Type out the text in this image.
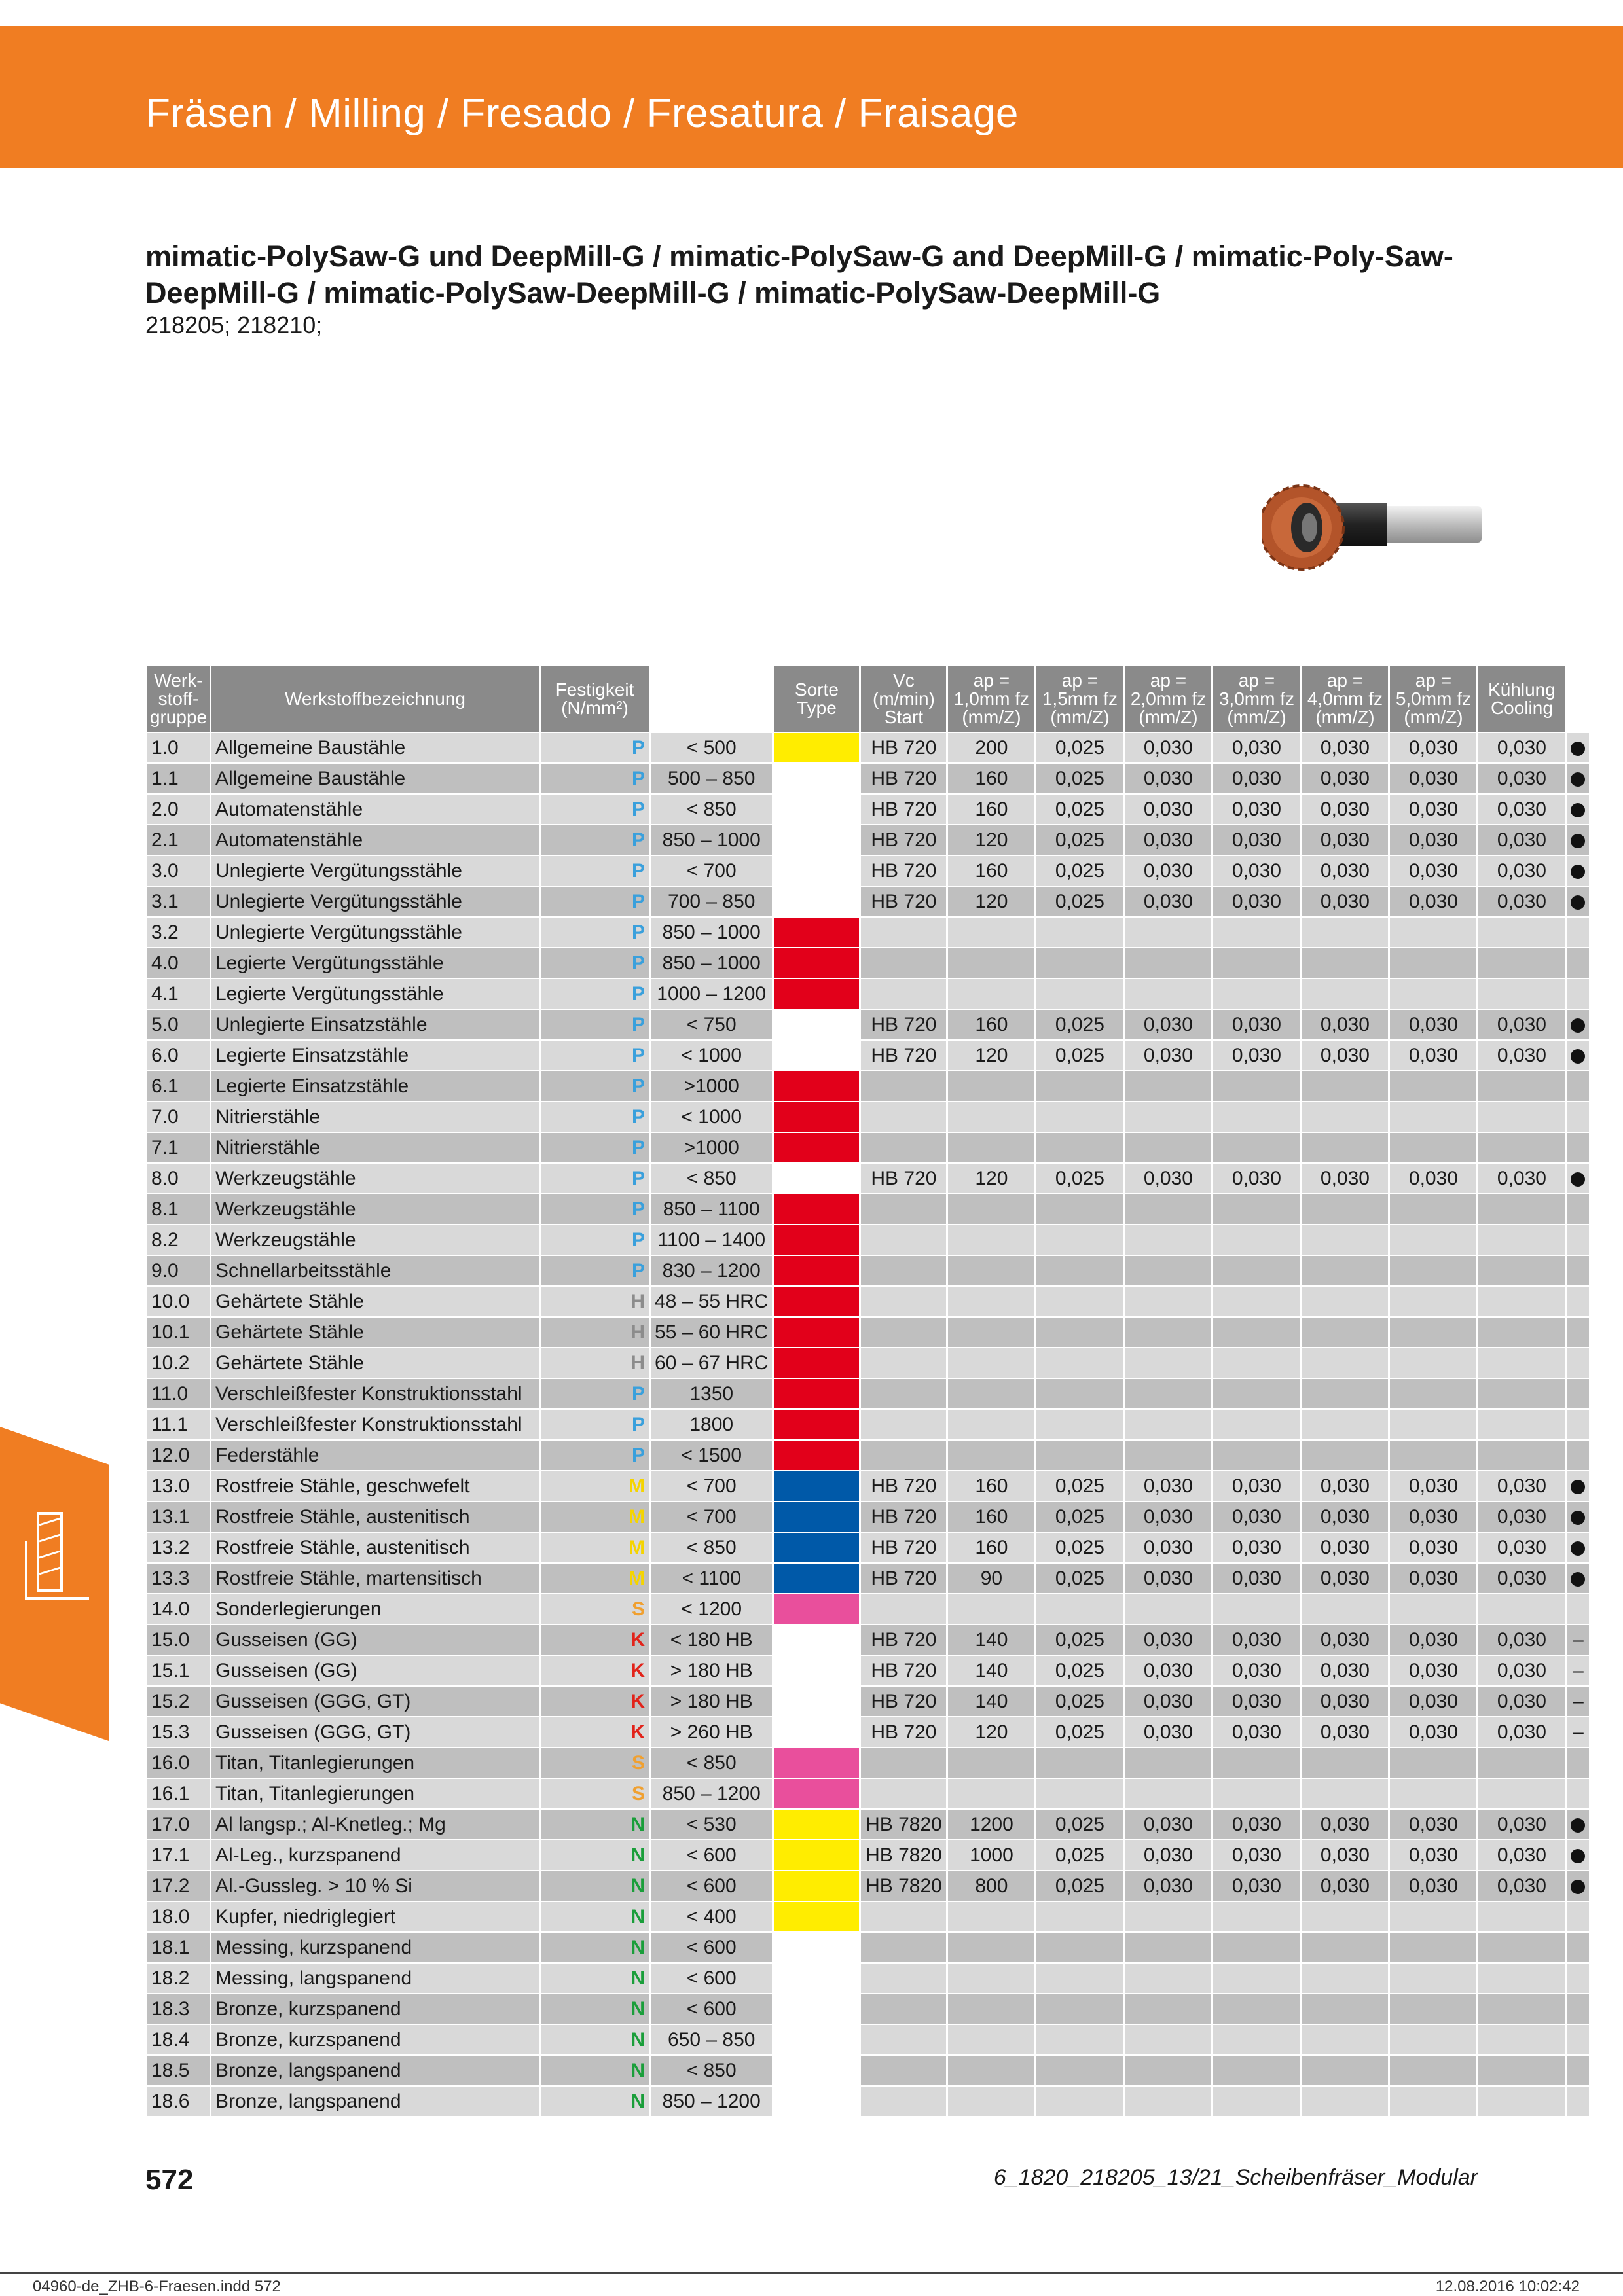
Fräsen / Milling / Fresado / Fresatura / Fraisage
mimatic-PolySaw-G und DeepMill-G / mimatic-PolySaw-G and DeepMill-G / mimatic-Poly-Saw-DeepMill-G / mimatic-PolySaw-DeepMill-G / mimatic-PolySaw-DeepMill-G
218205; 218210;
Werk-stoff-gruppe	Werkstoffbezeichnung	Festigkeit (N/mm²)		Sorte Type	Vc (m/min) Start	ap = 1,0mm fz (mm/Z)	ap = 1,5mm fz (mm/Z)	ap = 2,0mm fz (mm/Z)	ap = 3,0mm fz (mm/Z)	ap = 4,0mm fz (mm/Z)	ap = 5,0mm fz (mm/Z)	Kühlung Cooling	
1.0	Allgemeine Baustähle	P	< 500		HB 720	200	0,025	0,030	0,030	0,030	0,030	0,030	
1.1	Allgemeine Baustähle	P	500 – 850		HB 720	160	0,025	0,030	0,030	0,030	0,030	0,030	
2.0	Automatenstähle	P	< 850		HB 720	160	0,025	0,030	0,030	0,030	0,030	0,030	
2.1	Automatenstähle	P	850 – 1000		HB 720	120	0,025	0,030	0,030	0,030	0,030	0,030	
3.0	Unlegierte Vergütungsstähle	P	< 700		HB 720	160	0,025	0,030	0,030	0,030	0,030	0,030	
3.1	Unlegierte Vergütungsstähle	P	700 – 850		HB 720	120	0,025	0,030	0,030	0,030	0,030	0,030	
3.2	Unlegierte Vergütungsstähle	P	850 – 1000	

4.0	Legierte Vergütungsstähle	P	850 – 1000	

4.1	Legierte Vergütungsstähle	P	1000 – 1200	

5.0	Unlegierte Einsatzstähle	P	< 750		HB 720	160	0,025	0,030	0,030	0,030	0,030	0,030	
6.0	Legierte Einsatzstähle	P	< 1000		HB 720	120	0,025	0,030	0,030	0,030	0,030	0,030	
6.1	Legierte Einsatzstähle	P	>1000	

7.0	Nitrierstähle	P	< 1000	

7.1	Nitrierstähle	P	>1000	

8.0	Werkzeugstähle	P	< 850		HB 720	120	0,025	0,030	0,030	0,030	0,030	0,030	
8.1	Werkzeugstähle	P	850 – 1100	

8.2	Werkzeugstähle	P	1100 – 1400	

9.0	Schnellarbeitsstähle	P	830 – 1200	

10.0	Gehärtete Stähle	H	48 – 55 HRC	

10.1	Gehärtete Stähle	H	55 – 60 HRC	

10.2	Gehärtete Stähle	H	60 – 67 HRC	

11.0	Verschleißfester Konstruktionsstahl	P	1350	

11.1	Verschleißfester Konstruktionsstahl	P	1800	

12.0	Federstähle	P	< 1500	

13.0	Rostfreie Stähle, geschwefelt	M	< 700		HB 720	160	0,025	0,030	0,030	0,030	0,030	0,030	
13.1	Rostfreie Stähle, austenitisch	M	< 700		HB 720	160	0,025	0,030	0,030	0,030	0,030	0,030	
13.2	Rostfreie Stähle, austenitisch	M	< 850		HB 720	160	0,025	0,030	0,030	0,030	0,030	0,030	
13.3	Rostfreie Stähle, martensitisch	M	< 1100		HB 720	90	0,025	0,030	0,030	0,030	0,030	0,030	
14.0	Sonderlegierungen	S	< 1200	

15.0	Gusseisen (GG)	K	< 180 HB		HB 720	140	0,025	0,030	0,030	0,030	0,030	0,030	–
15.1	Gusseisen (GG)	K	> 180 HB		HB 720	140	0,025	0,030	0,030	0,030	0,030	0,030	–
15.2	Gusseisen (GGG, GT)	K	> 180 HB		HB 720	140	0,025	0,030	0,030	0,030	0,030	0,030	–
15.3	Gusseisen (GGG, GT)	K	> 260 HB		HB 720	120	0,025	0,030	0,030	0,030	0,030	0,030	–
16.0	Titan, Titanlegierungen	S	< 850	

16.1	Titan, Titanlegierungen	S	850 – 1200	

17.0	Al langsp.; Al-Knetleg.; Mg	N	< 530		HB 7820	1200	0,025	0,030	0,030	0,030	0,030	0,030	
17.1	Al-Leg., kurzspanend	N	< 600		HB 7820	1000	0,025	0,030	0,030	0,030	0,030	0,030	
17.2	Al.-Gussleg. > 10 % Si	N	< 600		HB 7820	800	0,025	0,030	0,030	0,030	0,030	0,030	
18.0	Kupfer, niedriglegiert	N	< 400	

18.1	Messing, kurzspanend	N	< 600										
18.2	Messing, langspanend	N	< 600										
18.3	Bronze, kurzspanend	N	< 600										
18.4	Bronze, kurzspanend	N	650 – 850										
18.5	Bronze, langspanend	N	< 850										
18.6	Bronze, langspanend	N	850 – 1200										
572	6_1820_218205_13/21_Scheibenfräser_Modular
04960-de_ZHB-6-Fraesen.indd 572	12.08.2016 10:02:42
